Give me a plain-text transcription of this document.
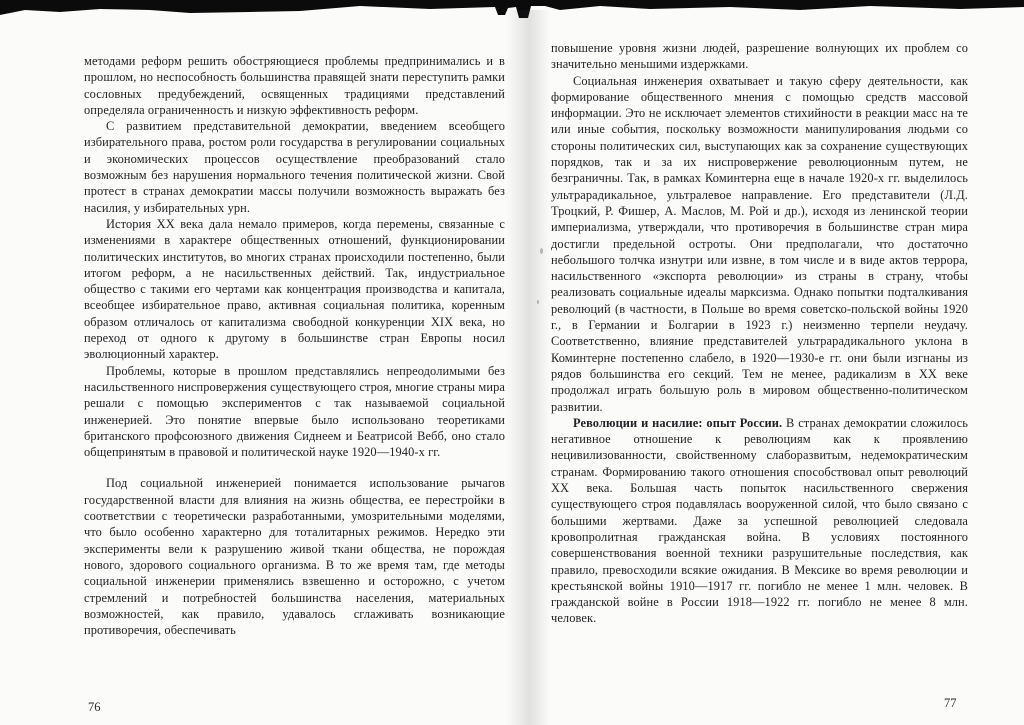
методами реформ решить обостряющиеся проблемы предпринимались и в прошлом, но неспособность большинства правящей знати переступить рамки сословных предубеждений, освященных традициями представлений определяла ограниченность и низкую эффективность реформ.

С развитием представительной демократии, введением всеобщего избирательного права, ростом роли государства в регулировании социальных и экономических процессов осуществление преобразований стало возможным без нарушения нормального течения политической жизни. Свой протест в странах демократии массы получили возможность выражать без насилия, у избирательных урн.

История XX века дала немало примеров, когда перемены, связанные с изменениями в характере общественных отношений, функционировании политических институтов, во многих странах происходили постепенно, были итогом реформ, а не насильственных действий. Так, индустриальное общество с такими его чертами как концентрация производства и капитала, всеобщее избирательное право, активная социальная политика, коренным образом отличалось от капитализма свободной конкуренции XIX века, но переход от одного к другому в большинстве стран Европы носил эволюционный характер.

Проблемы, которые в прошлом представлялись непреодолимыми без насильственного ниспровержения существующего строя, многие страны мира решали с помощью экспериментов с так называемой социальной инженерией. Это понятие впервые было использовано теоретиками британского профсоюзного движения Сиднеем и Беатрисой Вебб, оно стало общепринятым в правовой и политической науке 1920—1940-х гг.

Под социальной инженерией понимается использование рычагов государственной власти для влияния на жизнь общества, ее перестройки в соответствии с теоретически разработанными, умозрительными моделями, что было особенно характерно для тоталитарных режимов. Нередко эти эксперименты вели к разрушению живой ткани общества, не порождая нового, здорового социального организма. В то же время там, где методы социальной инженерии применялись взвешенно и осторожно, с учетом стремлений и потребностей большинства населения, материальных возможностей, как правило, удавалось сглаживать возникающие противоречия, обеспечивать

повышение уровня жизни людей, разрешение волнующих их проблем со значительно меньшими издержками.

Социальная инженерия охватывает и такую сферу деятельности, как формирование общественного мнения с помощью средств массовой информации. Это не исключает элементов стихийности в реакции масс на те или иные события, поскольку возможности манипулирования людьми со стороны политических сил, выступающих как за сохранение существующих порядков, так и за их ниспровержение революционным путем, не безграничны. Так, в рамках Коминтерна еще в начале 1920-х гг. выделилось ультрарадикальное, ультралевое направление. Его представители (Л.Д. Троцкий, Р. Фишер, А. Маслов, М. Рой и др.), исходя из ленинской теории империализма, утверждали, что противоречия в большинстве стран мира достигли предельной остроты. Они предполагали, что достаточно небольшого толчка изнутри или извне, в том числе и в виде актов террора, насильственного «экспорта революции» из страны в страну, чтобы реализовать социальные идеалы марксизма. Однако попытки подталкивания революций (в частности, в Польше во время советско-польской войны 1920 г., в Германии и Болгарии в 1923 г.) неизменно терпели неудачу. Соответственно, влияние представителей ультрарадикального уклона в Коминтерне постепенно слабело, в 1920—1930-е гг. они были изгнаны из рядов большинства его секций. Тем не менее, радикализм в XX веке продолжал играть большую роль в мировом общественно-политическом развитии.

Революции и насилие: опыт России. В странах демократии сложилось негативное отношение к революциям как к проявлению нецивилизованности, свойственному слаборазвитым, недемократическим странам. Формированию такого отношения способствовал опыт революций XX века. Большая часть попыток насильственного свержения существующего строя подавлялась вооруженной силой, что было связано с большими жертвами. Даже за успешной революцией следовала кровопролитная гражданская война. В условиях постоянного совершенствования военной техники разрушительные последствия, как правило, превосходили всякие ожидания. В Мексике во время революции и крестьянской войны 1910—1917 гг. погибло не менее 1 млн. человек. В гражданской войне в России 1918—1922 гг. погибло не менее 8 млн. человек.

76	77
